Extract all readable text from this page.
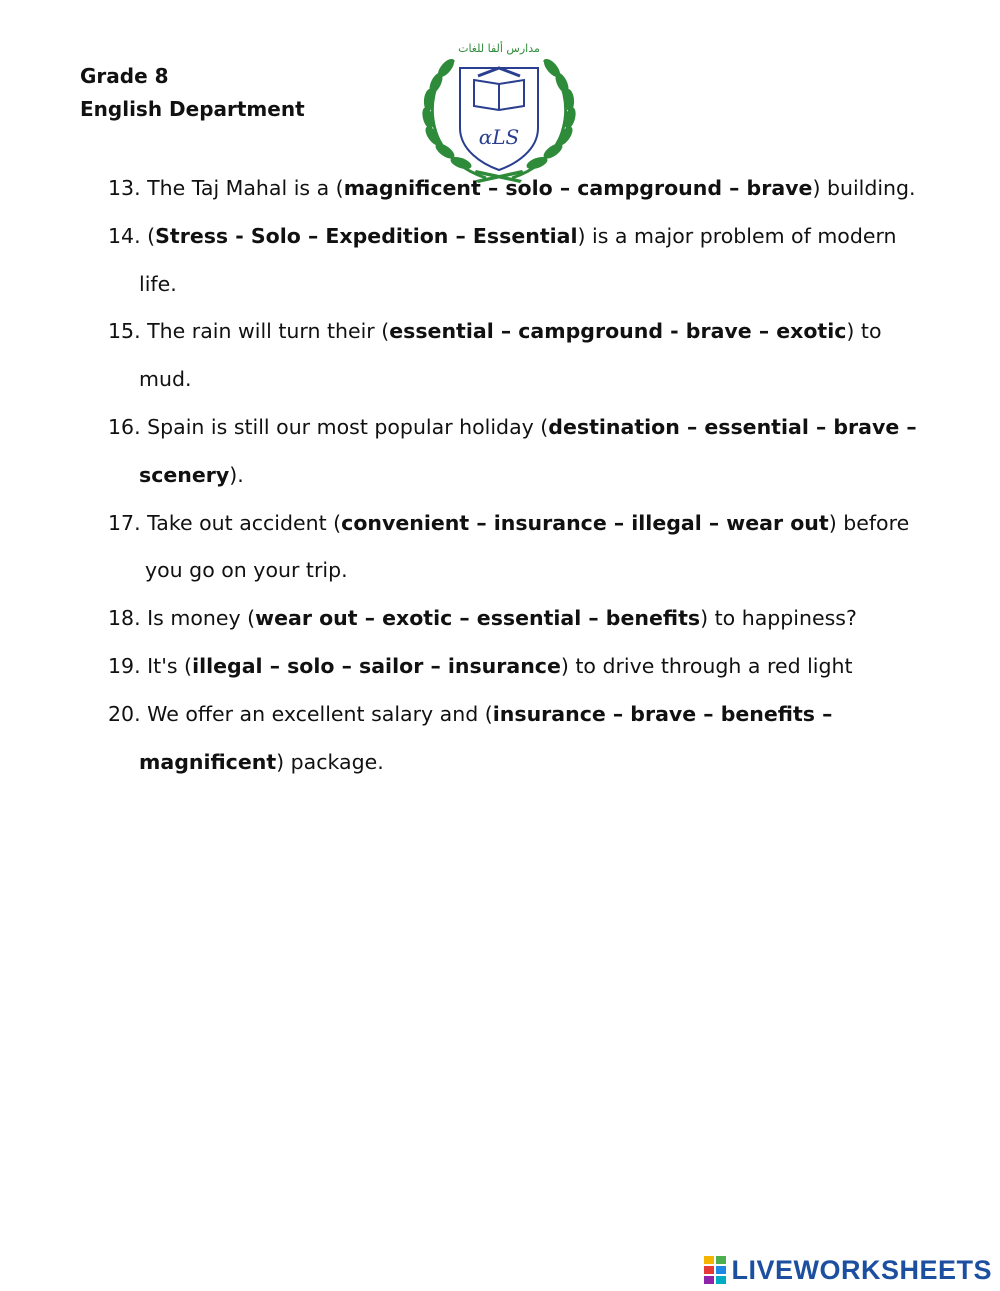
Grade 8
English Department
αLS
مدارس ألفا للغات

13. The Taj Mahal is a (magnificent – solo – campground – brave) building.

14. (Stress - Solo – Expedition – Essential) is a major problem of modern

life.

15. The rain will turn their (essential – campground - brave – exotic) to

mud.

16. Spain is still our most popular holiday (destination – essential – brave –

scenery).

17. Take out accident (convenient – insurance – illegal – wear out) before

you go on your trip.

18. Is money (wear out – exotic – essential – benefits) to happiness?

19. It's (illegal – solo – sailor – insurance) to drive through a red light

20. We offer an excellent salary and (insurance – brave – benefits –

magnificent) package.

LIVEWORKSHEETS
